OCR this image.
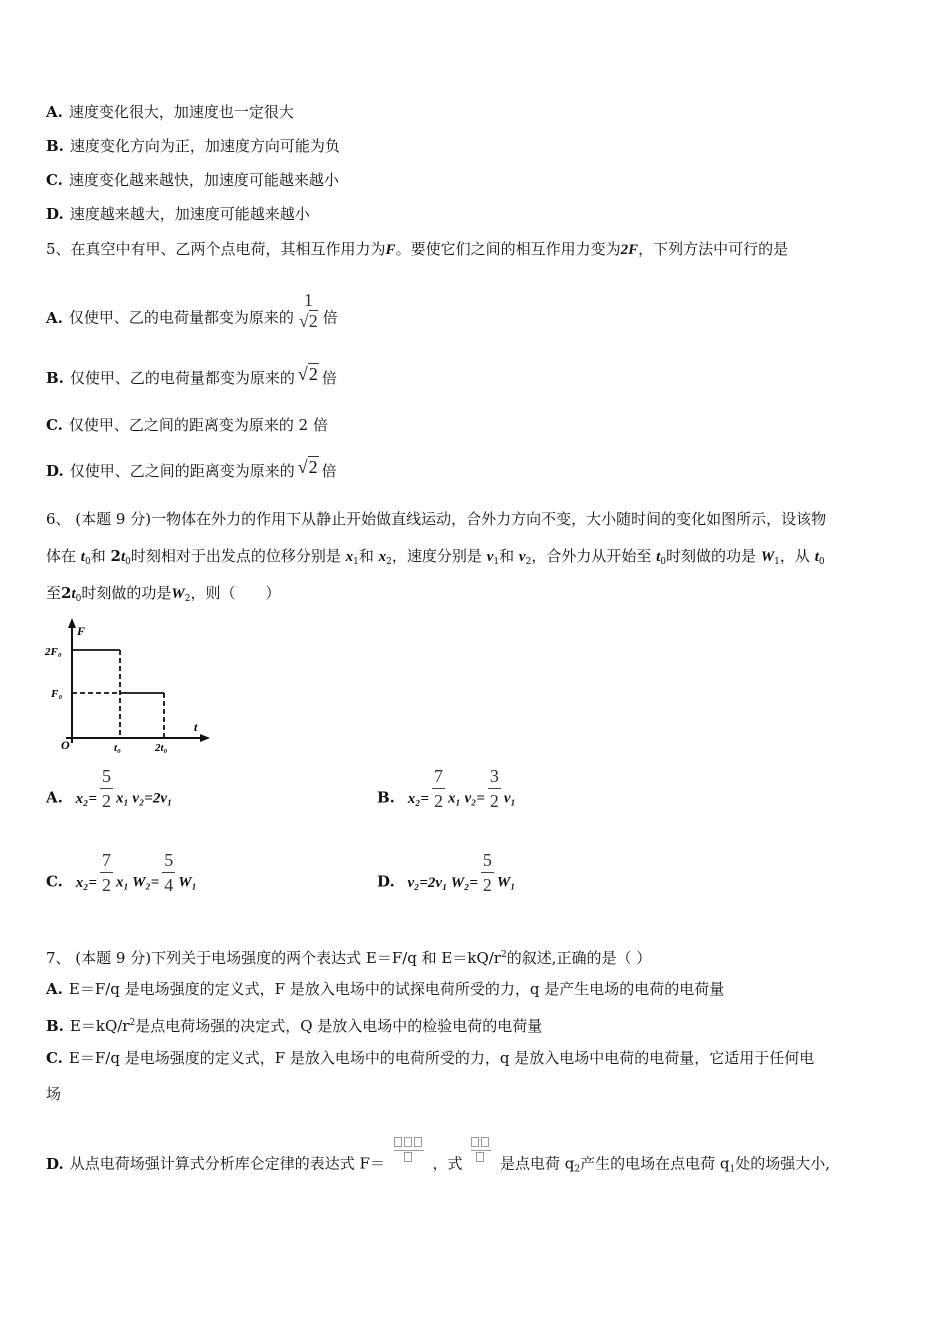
A. 速度变化很大，加速度也一定很大
B. 速度变化方向为正，加速度方向可能为负
C. 速度变化越来越快，加速度可能越来越小
D. 速度越来越大，加速度可能越来越小
5、在真空中有甲、乙两个点电荷，其相互作用力为F。要使它们之间的相互作用力变为2F，下列方法中可行的是
A. 仅使甲、乙的电荷量都变为原来的
1
√2 倍
B. 仅使甲、乙的电荷量都变为原来的 √2 倍
C. 仅使甲、乙之间的距离变为原来的 2 倍
D. 仅使甲、乙之间的距离变为原来的 √2 倍
6、 (本题 9 分)一物体在外力的作用下从静止开始做直线运动，合外力方向不变，大小随时间的变化如图所示，设该物
体在 $t_0$和 $2t_0$时刻相对于出发点的位移分别是 $x_1$和 $x_2$，速度分别是 $v_1$和 $v_2$，合外力从开始至 $t_0$时刻做的功是 $W_1$，从 $t_0$
至$2t_0$时刻做的功是$W_2$，则（　　）
F
t
O
2F₀
F₀
t₀	2t₀
A. $x_2= \frac{5}{2} x_1$ v₂=2v₁	B. $x_2= \frac{7}{2} x_1$ $v_2= \frac{3}{2} v_1$
C. $x_2= \frac{7}{2} x_1$ $W_2= \frac{5}{4} W_1$	D. v₂=2v₁ $W_2= \frac{5}{2} W_1$
7、 (本题 9 分)下列关于电场强度的两个表达式 E＝F/q 和 $E=kQ/r^2$的叙述,正确的是（ ）
A. E＝F/q 是电场强度的定义式，F 是放入电场中的试探电荷所受的力，q 是产生电场的电荷的电荷量
B. $E=kQ/r^2$是点电荷场强的决定式，Q 是放入电场中的检验电荷的电荷量
C. E＝F/q 是电场强度的定义式，F 是放入电场中的电荷所受的力，q 是放入电场中电荷的电荷量，它适用于任何电
场
D. 从点电荷场强计算式分析库仑定律的表达式 F＝	，式	是点电荷 $q_2$产生的电场在点电荷 $q_1$处的场强大小,
